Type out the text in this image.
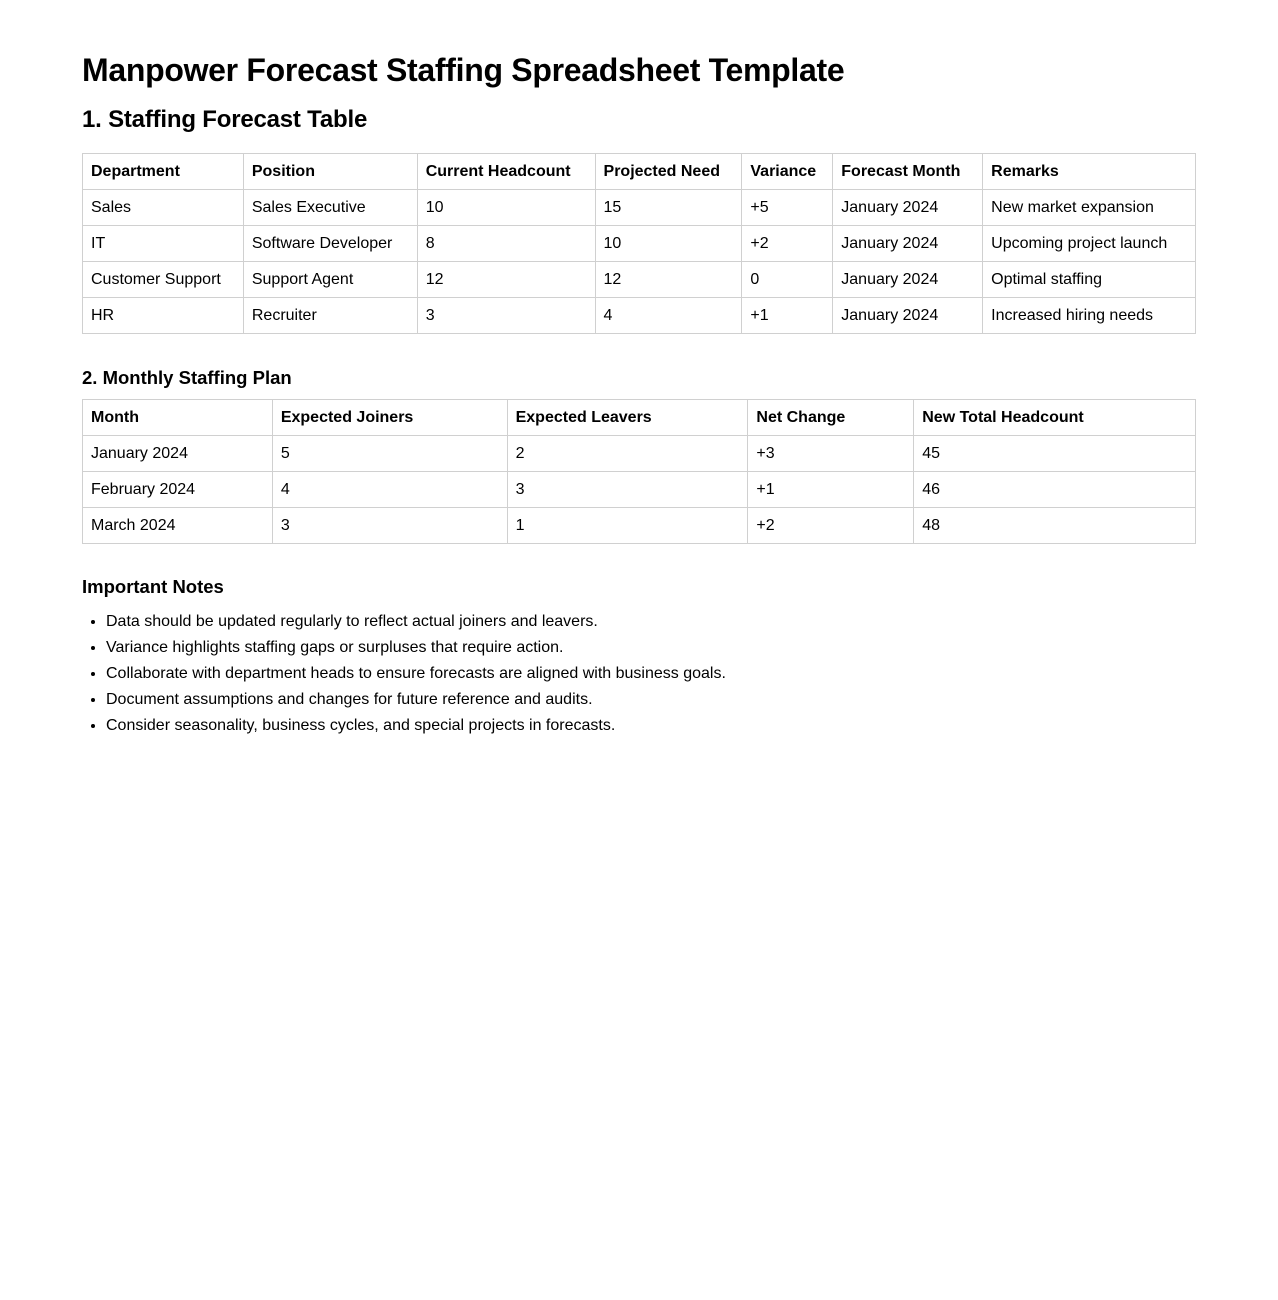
Manpower Forecast Staffing Spreadsheet Template
1. Staffing Forecast Table
Department	Position	Current Headcount	Projected Need	Variance	Forecast Month	Remarks
Sales	Sales Executive	10	15	+5	January 2024	New market expansion
IT	Software Developer	8	10	+2	January 2024	Upcoming project launch
Customer Support	Support Agent	12	12	0	January 2024	Optimal staffing
HR	Recruiter	3	4	+1	January 2024	Increased hiring needs
2. Monthly Staffing Plan
Month	Expected Joiners	Expected Leavers	Net Change	New Total Headcount
January 2024	5	2	+3	45
February 2024	4	3	+1	46
March 2024	3	1	+2	48
Important Notes
• Data should be updated regularly to reflect actual joiners and leavers.
• Variance highlights staffing gaps or surpluses that require action.
• Collaborate with department heads to ensure forecasts are aligned with business goals.
• Document assumptions and changes for future reference and audits.
• Consider seasonality, business cycles, and special projects in forecasts.
